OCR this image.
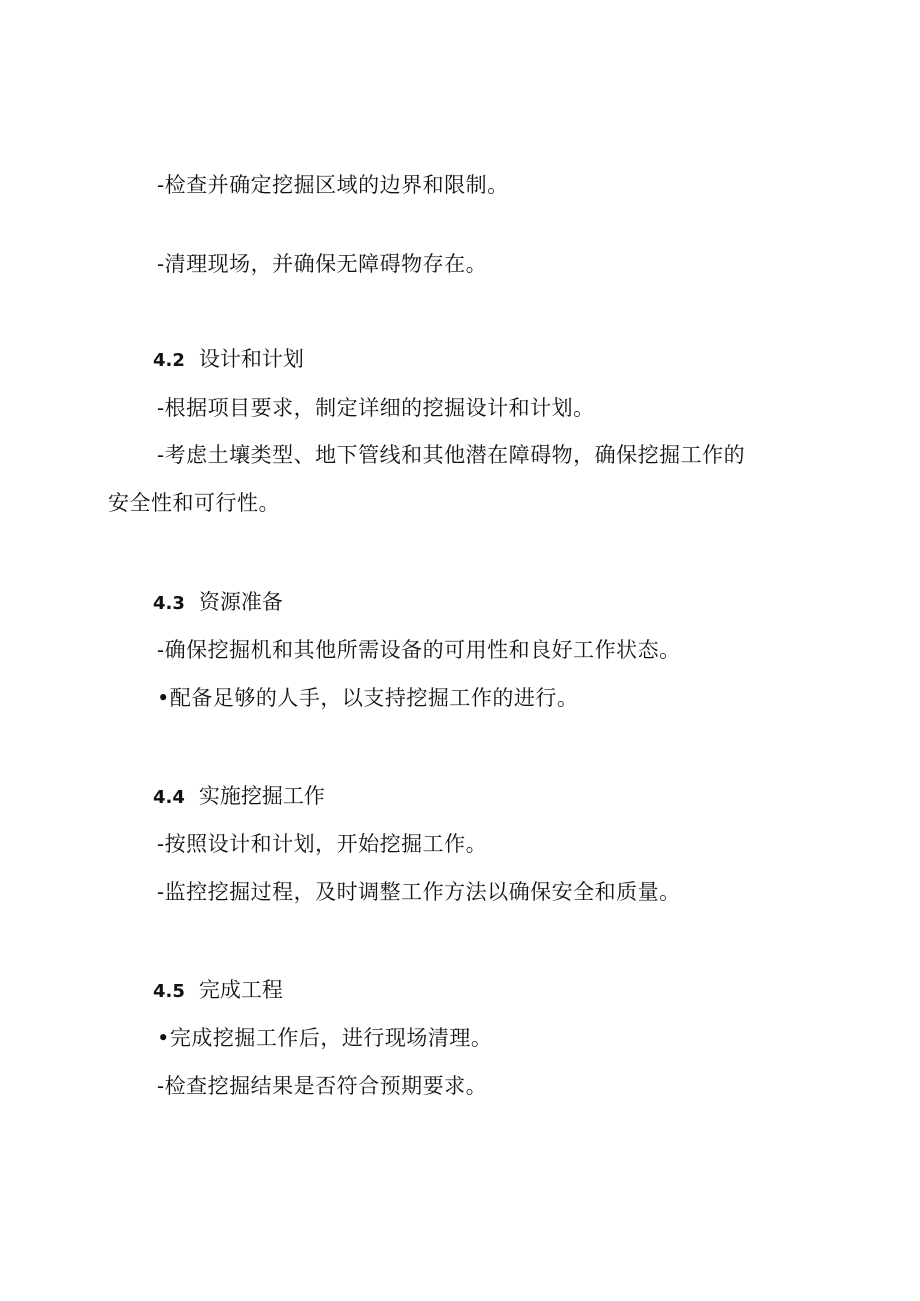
-检查并确定挖掘区域的边界和限制。
-清理现场，并确保无障碍物存在。
4.2 设计和计划
-根据项目要求，制定详细的挖掘设计和计划。
-考虑土壤类型、地下管线和其他潜在障碍物，确保挖掘工作的
安全性和可行性。
4.3 资源准备
-确保挖掘机和其他所需设备的可用性和良好工作状态。
•配备足够的人手，以支持挖掘工作的进行。
4.4 实施挖掘工作
-按照设计和计划，开始挖掘工作。
-监控挖掘过程，及时调整工作方法以确保安全和质量。
4.5 完成工程
•完成挖掘工作后，进行现场清理。
-检查挖掘结果是否符合预期要求。
